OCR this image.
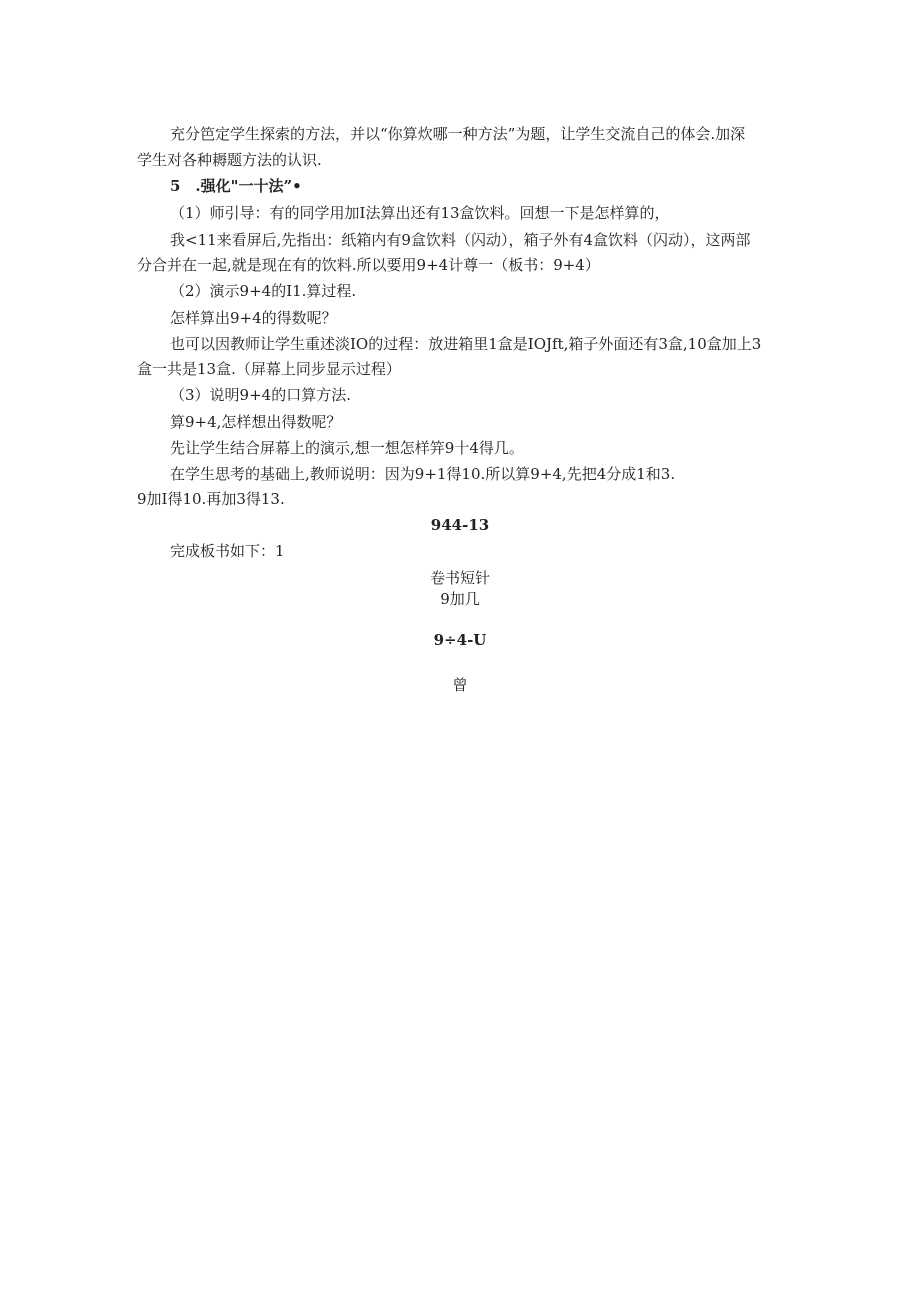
充分笆定学生探索的方法，并以“你算炊哪一种方法”为题，让学生交流自己的体会.加深
学生对各种耨题方法的认识.
5　.强化"一十法”•
（1）师引导：有的同学用加I法算出还有13盒饮料。回想一下是怎样算的，
我<11来看屏后,先指出：纸箱内有9盒饮料（闪动），箱子外有4盒饮料（闪动），这两部
分合并在一起,就是现在有的饮料.所以要用9+4计尊一（板书：9+4）
（2）演示9+4的I1.算过程.
怎样算出9+4的得数呢？
也可以因教师让学生重述淡IO的过程：放进箱里1盒是IOJft,箱子外面还有3盒,10盒加上3
盒一共是13盒.（屏幕上同步显示过程）
（3）说明9+4的口算方法.
算9+4,怎样想出得数呢？
先让学生结合屏幕上的演示,想一想怎样笄9十4得几。
在学生思考的基础上,教师说明：因为9+1得10.所以算9+4,先把4分成1和3.
9加I得10.再加3得13.
944-13
完成板书如下：1
卷书短针
9加几
9÷4-U
曾
